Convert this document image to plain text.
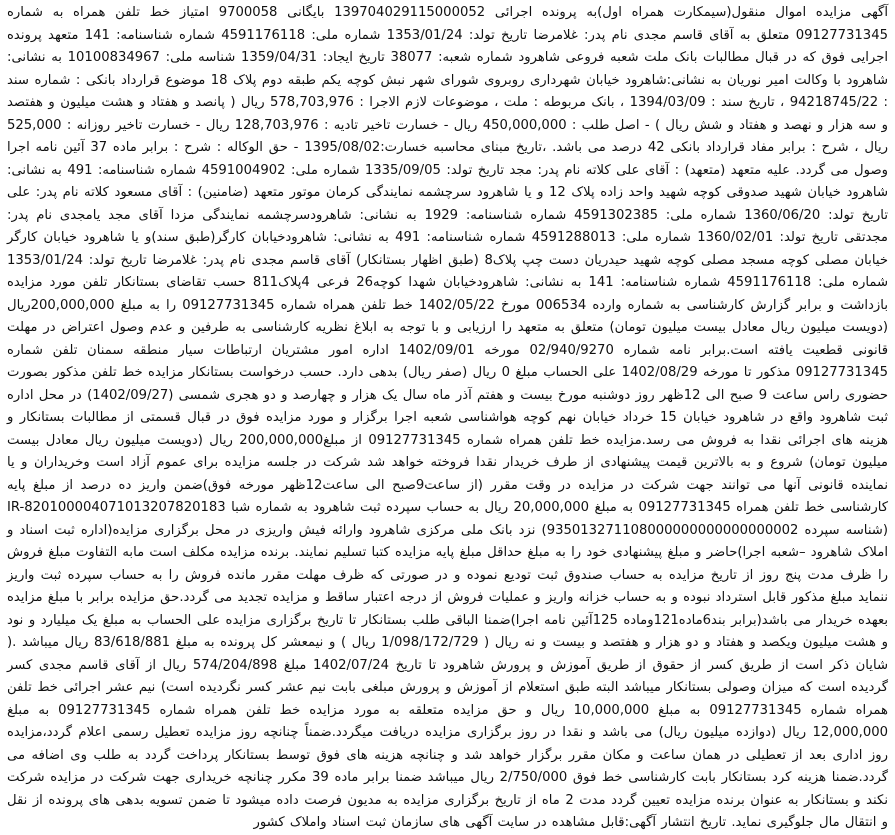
آگهی مزایده اموال منقول(سیمکارت همراه اول)به پرونده اجرائی 139704029115000052 بایگانی 9700058 امتیاز خط تلفن همراه به شماره 09127731345 متعلق به آقای قاسم مجدی نام پدر: غلامرضا تاریخ تولد: 1353/01/24 شماره ملی: 4591176118 شماره شناسنامه: 141 متعهد پرونده اجرایی فوق که در قبال مطالبات بانک ملت شعبه فروعی شاهرود شماره شعبه: 38077 تاریخ ایجاد: 1359/04/31 شناسه ملی: 10100834967 به نشانی: شاهرود با وکالت امیر نوریان به نشانی:شاهرود خیابان شهرداری روبروی شورای شهر نبش کوچه یکم طبقه دوم پلاک 18 موضوع قرارداد بانکی : شماره سند : 94218745/22 ، تاریخ سند : 1394/03/09 ، بانک مربوطه : ملت ، موضوعات لازم الاجرا : 578,703,976 ریال ( پانصد و هفتاد و هشت میلیون و هفتصد و سه هزار و نهصد و هفتاد و شش ریال ) - اصل طلب : 450,000,000 ریال - خسارت تاخیر تادیه : 128,703,976 ریال - خسارت تاخیر روزانه : 525,000 ریال ، شرح : برابر مفاد قرارداد بانکی 42 درصد می باشد. ،تاریخ مبنای محاسبه خسارت:1395/08/02 - حق الوکاله : شرح : برابر ماده 37 آئین نامه اجرا وصول می گردد. علیه متعهد (متعهد) : آقای علی کلاته نام پدر: مجد تاریخ تولد: 1335/09/05 شماره ملی: 4591004902 شماره شناسنامه: 491 به نشانی: شاهرود خیابان شهید صدوقی کوچه شهید واحد زاده پلاک 12 و یا شاهرود سرچشمه نمایندگی کرمان موتور متعهد (ضامنین) : آقای مسعود کلاته نام پدر: علی تاریخ تولد: 1360/06/20 شماره ملی: 4591302385 شماره شناسنامه: 1929 به نشانی: شاهرودسرچشمه نمایندگی مزدا آقای مجد یامجدی نام پدر: مجدتقی تاریخ تولد: 1360/02/01 شماره ملی: 4591288013 شماره شناسنامه: 491 به نشانی: شاهرودخیابان کارگر(طبق سند)و یا شاهرود خیابان کارگر خیابان مصلی کوچه مسجد مصلی کوچه شهید حیدریان دست چپ پلاک8 (طبق اظهار بستانکار) آقای قاسم مجدی نام پدر: غلامرضا تاریخ تولد: 1353/01/24 شماره ملی: 4591176118 شماره شناسنامه: 141 به نشانی: شاهرودخیابان شهدا کوچه26 فرعی 4پلاک811 حسب تقاضای بستانکار تلفن مورد مزایده بازداشت و برابر گزارش کارشناسی به شماره وارده 006534 مورخ 1402/05/22 خط تلفن همراه شماره 09127731345 را به مبلغ 200,000,000ریال (دویست میلیون ریال معادل بیست میلیون تومان) متعلق به متعهد را ارزیابی و با توجه به ابلاغ نظریه کارشناسی به طرفین و عدم وصول اعتراض در مهلت قانونی قطعیت یافته است.برابر نامه شماره 02/940/9270 مورخه 1402/09/01 اداره امور مشتریان ارتباطات سیار منطقه سمنان تلفن شماره 09127731345 مذکور تا مورخه 1402/08/29 علی الحساب مبلغ 0 ریال (صفر ریال) بدهی دارد. حسب درخواست بستانکار مزایده خط تلفن مذکور بصورت حضوری راس ساعت 9 صبح الی 12ظهر روز دوشنبه مورخ بیست و هفتم آذر ماه سال یک هزار و چهارصد و دو هجری شمسی (1402/09/27) در محل اداره ثبت شاهرود واقع در شاهرود خیابان 15 خرداد خیابان نهم کوچه هواشناسی شعبه اجرا برگزار و مورد مزایده فوق در قبال قسمتی از مطالبات بستانکار و هزینه های اجرائی نقدا به فروش می رسد.مزایده خط تلفن همراه شماره 09127731345 از مبلغ200,000,000 ریال (دویست میلیون ریال معادل بیست میلیون تومان) شروع و به بالاترین قیمت پیشنهادی از طرف خریدار نقدا فروخته خواهد شد شرکت در جلسه مزایده برای عموم آزاد است وخریداران و یا نماینده قانونی آنها می توانند جهت شرکت در مزایده در وقت مقرر (از ساعت9صبح الی ساعت12ظهر مورخه فوق)ضمن واریز ده درصد از مبلغ پایه کارشناسی خط تلفن همراه 09127731345 به مبلغ 20,000,000 ریال به حساب سپرده ثبت شاهرود به شماره شبا IR-820100004071013207820183 (شناسه سپرده 935013271108000000000000000002) نزد بانک ملی مرکزی شاهرود وارائه فیش واریزی در محل برگزاری مزایده(اداره ثبت اسناد و املاک شاهرود –شعبه اجرا)حاضر و مبلغ پیشنهادی خود را به مبلغ حداقل مبلغ پایه مزایده کتبا تسلیم نمایند. برنده مزایده مکلف است مابه التفاوت مبلغ فروش را ظرف مدت پنج روز از تاریخ مزایده به حساب صندوق ثبت تودیع نموده و در صورتی که ظرف مهلت مقرر مانده فروش را به حساب سپرده ثبت واریز ننماید مبلغ مذکور قابل استرداد نبوده و به حساب خزانه واریز و عملیات فروش از درجه اعتبار ساقط و مزایده تجدید می گردد.حق مزایده برابر با مبلغ مزایده بعهده خریدار می باشد(برابر بند6ماده121وماده 125آئین نامه اجرا)ضمنا الباقی طلب بستانکار تا تاریخ برگزاری مزایده علی الحساب به مبلغ یک میلیارد و نود و هشت میلیون ویکصد و هفتاد و دو هزار و هفتصد و بیست و نه ریال ( 1/098/172/729 ریال ) و نیمعشر کل پرونده به مبلغ 83/618/881 ریال میباشد .( شایان ذکر است از طریق کسر از حقوق از طریق آموزش و پرورش شاهرود تا تاریخ 1402/07/24 مبلغ 574/204/898 ریال از آقای قاسم مجدی کسر گردیده است که میزان وصولی بستانکار میباشد البته طبق استعلام از آموزش و پرورش مبلغی بابت نیم عشر کسر نگردیده است) نیم عشر اجرائی خط تلفن همراه شماره 09127731345 به مبلغ 10,000,000 ریال و حق مزایده متعلقه به مورد مزایده خط تلفن همراه شماره 09127731345 به مبلغ 12,000,000 ریال (دوازده میلیون ریال) می باشد و نقدا در روز برگزاری مزایده دریافت میگردد.ضمناً چنانچه روز مزایده تعطیل رسمی اعلام گردد،مزایده روز اداری بعد از تعطیلی در همان ساعت و مکان مقرر برگزار خواهد شد و چنانچه هزینه های فوق توسط بستانکار پرداخت گردد به طلب وی اضافه می گردد.ضمنا هزینه کرد بستانکار بابت کارشناسی خط فوق 2/750/000 ریال میباشد ضمنا برابر ماده 39 مکرر چنانچه خریداری جهت شرکت در مزایده شرکت نکند و بستانکار به عنوان برنده مزایده تعیین گردد مدت 2 ماه از تاریخ برگزاری مزایده به مدیون فرصت داده میشود تا ضمن تسویه بدهی های پرونده از نقل و انتقال مال جلوگیری نماید. تاریخ انتشار آگهی:قابل مشاهده در سایت آگهی های سازمان ثبت اسناد واملاک کشور
